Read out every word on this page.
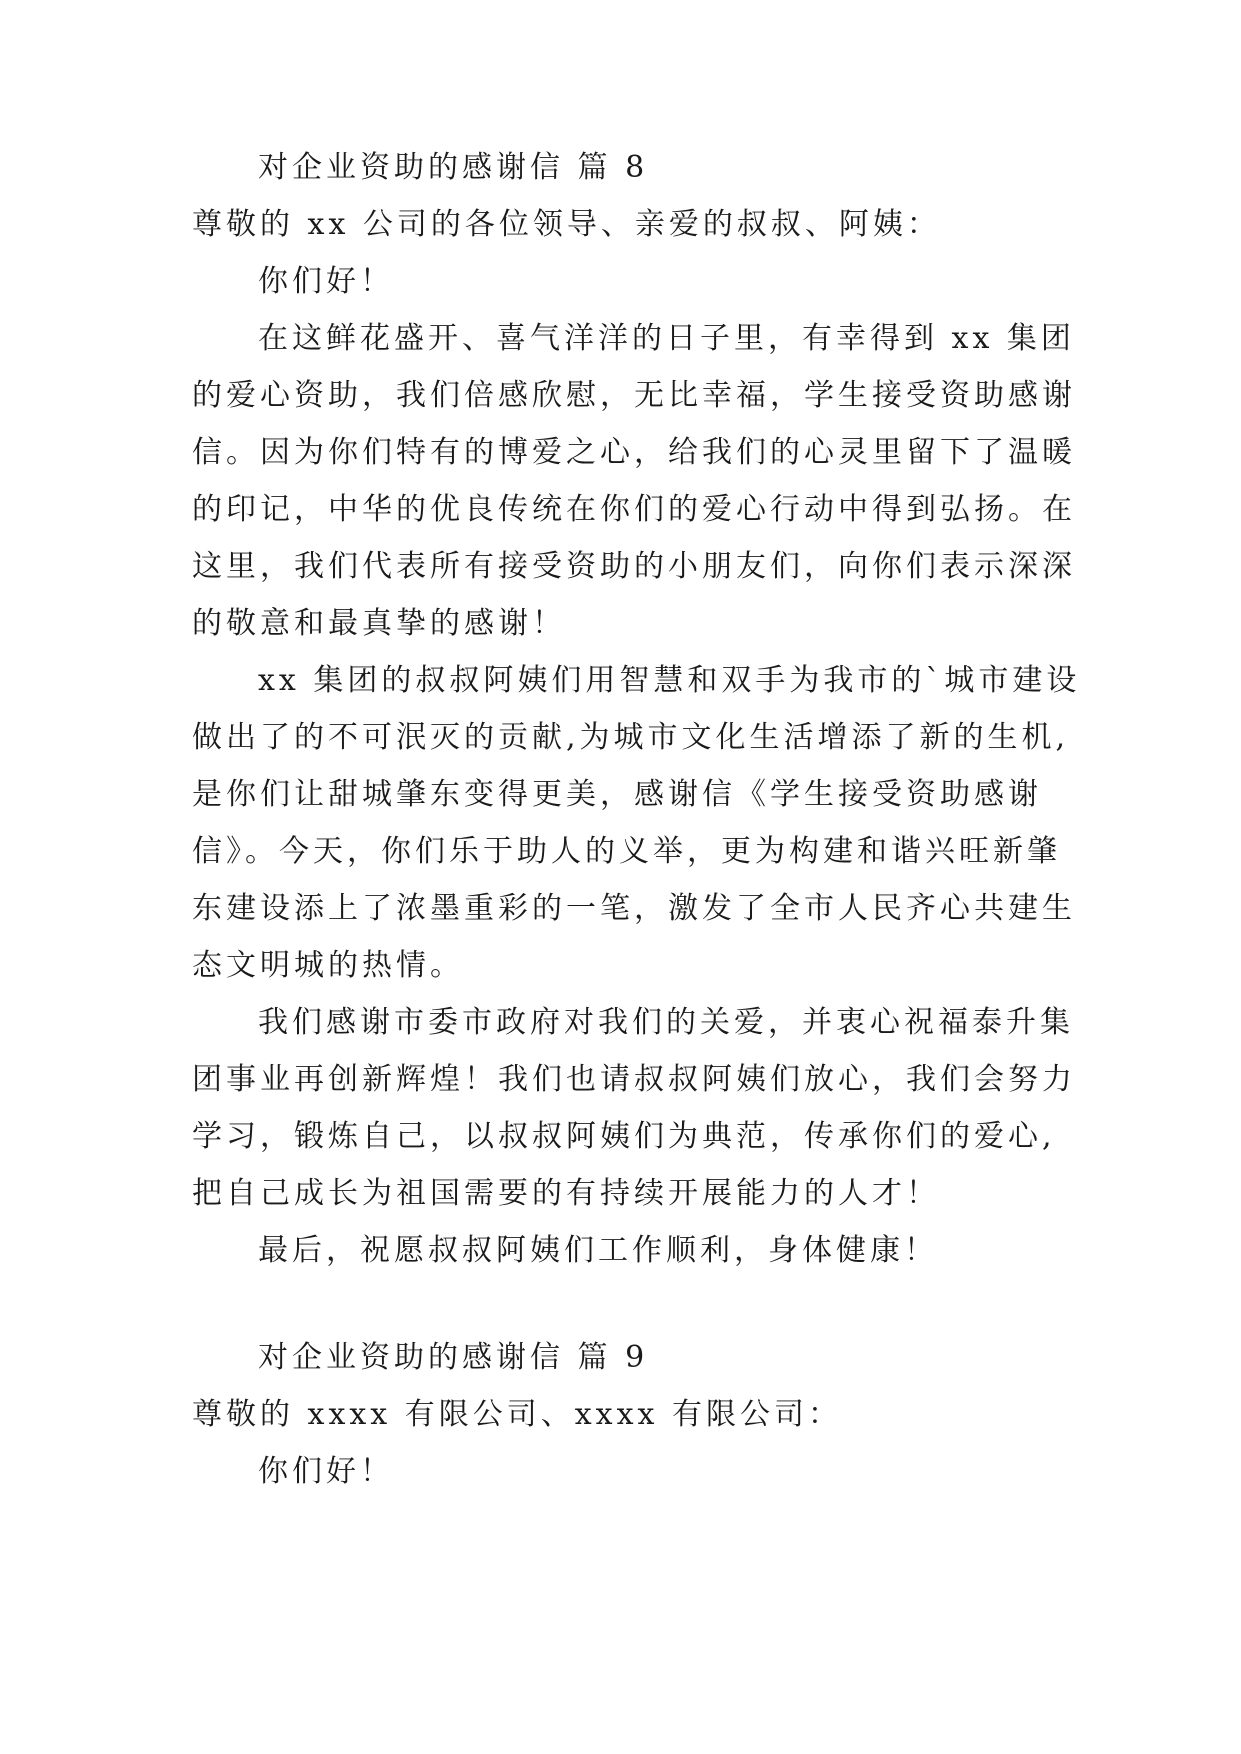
对企业资助的感谢信 篇 8
尊敬的 xx 公司的各位领导、亲爱的叔叔、阿姨：
你们好！
在这鲜花盛开、喜气洋洋的日子里，有幸得到 xx 集团
的爱心资助，我们倍感欣慰，无比幸福，学生接受资助感谢
信。因为你们特有的博爱之心，给我们的心灵里留下了温暖
的印记，中华的优良传统在你们的爱心行动中得到弘扬。在
这里，我们代表所有接受资助的小朋友们，向你们表示深深
的敬意和最真挚的感谢！
xx 集团的叔叔阿姨们用智慧和双手为我市的`城市建设
做出了的不可泯灭的贡献,为城市文化生活增添了新的生机,
是你们让甜城肇东变得更美，感谢信《学生接受资助感谢
信》。今天，你们乐于助人的义举，更为构建和谐兴旺新肇
东建设添上了浓墨重彩的一笔，激发了全市人民齐心共建生
态文明城的热情。
我们感谢市委市政府对我们的关爱，并衷心祝福泰升集
团事业再创新辉煌！我们也请叔叔阿姨们放心，我们会努力
学习，锻炼自己，以叔叔阿姨们为典范，传承你们的爱心,
把自己成长为祖国需要的有持续开展能力的人才！
最后，祝愿叔叔阿姨们工作顺利，身体健康！
对企业资助的感谢信 篇 9
尊敬的 xxxx 有限公司、xxxx 有限公司：
你们好！
